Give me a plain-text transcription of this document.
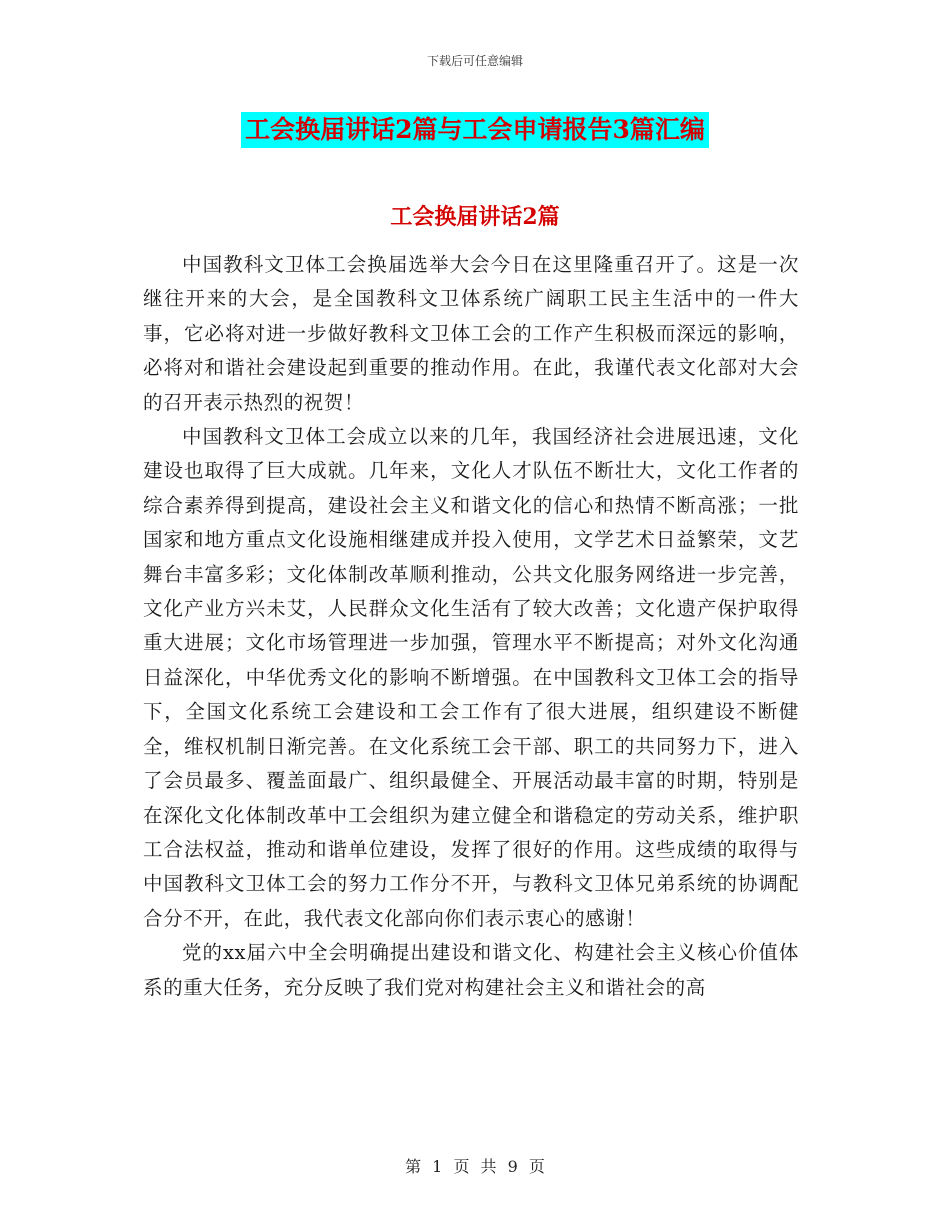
下载后可任意编辑
工会换届讲话2篇与工会申请报告3篇汇编
工会换届讲话2篇

中国教科文卫体工会换届选举大会今日在这里隆重召开了。这是一次继往开来的大会，是全国教科文卫体系统广阔职工民主生活中的一件大事，它必将对进一步做好教科文卫体工会的工作产生积极而深远的影响，必将对和谐社会建设起到重要的推动作用。在此，我谨代表文化部对大会的召开表示热烈的祝贺！

中国教科文卫体工会成立以来的几年，我国经济社会进展迅速，文化建设也取得了巨大成就。几年来，文化人才队伍不断壮大，文化工作者的综合素养得到提高，建设社会主义和谐文化的信心和热情不断高涨；一批国家和地方重点文化设施相继建成并投入使用，文学艺术日益繁荣，文艺舞台丰富多彩；文化体制改革顺利推动，公共文化服务网络进一步完善，文化产业方兴未艾，人民群众文化生活有了较大改善；文化遗产保护取得重大进展；文化市场管理进一步加强，管理水平不断提高；对外文化沟通日益深化，中华优秀文化的影响不断增强。在中国教科文卫体工会的指导下，全国文化系统工会建设和工会工作有了很大进展，组织建设不断健全，维权机制日渐完善。在文化系统工会干部、职工的共同努力下，进入了会员最多、覆盖面最广、组织最健全、开展活动最丰富的时期，特别是在深化文化体制改革中工会组织为建立健全和谐稳定的劳动关系，维护职工合法权益，推动和谐单位建设，发挥了很好的作用。这些成绩的取得与中国教科文卫体工会的努力工作分不开，与教科文卫体兄弟系统的协调配合分不开，在此，我代表文化部向你们表示衷心的感谢！

党的xx届六中全会明确提出建设和谐文化、构建社会主义核心价值体系的重大任务，充分反映了我们党对构建社会主义和谐社会的高

第 1 页 共 9 页
